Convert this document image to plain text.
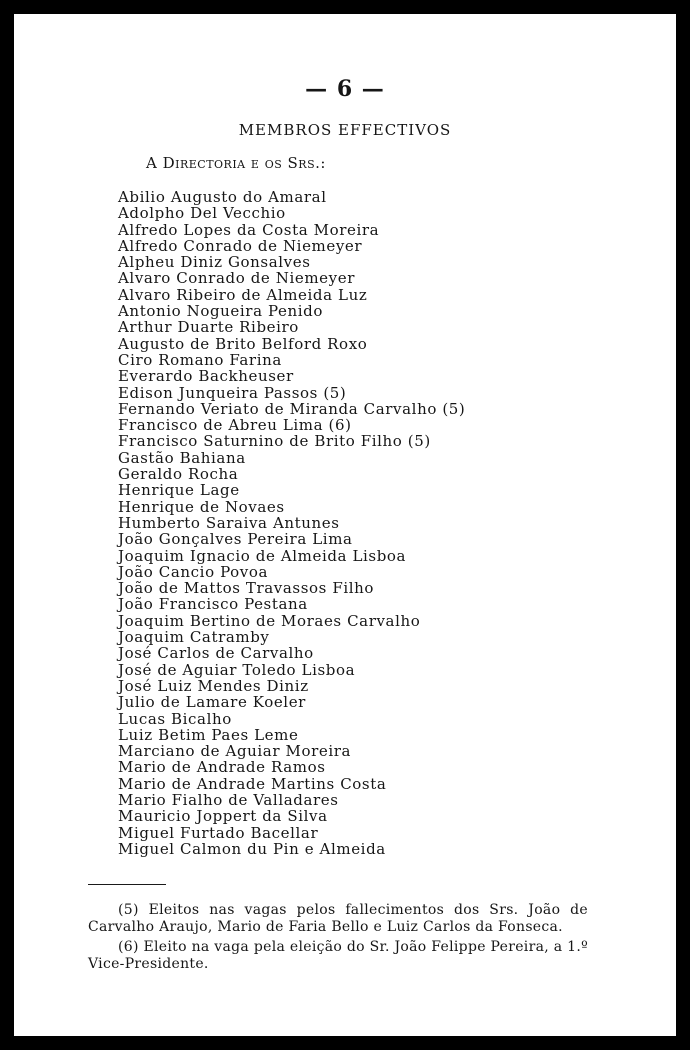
— 6 —
MEMBROS EFFECTIVOS
A Directoria e os Srs.:
Abilio Augusto do Amaral
Adolpho Del Vecchio
Alfredo Lopes da Costa Moreira
Alfredo Conrado de Niemeyer
Alpheu Diniz Gonsalves
Alvaro Conrado de Niemeyer
Alvaro Ribeiro de Almeida Luz
Antonio Nogueira Penido
Arthur Duarte Ribeiro
Augusto de Brito Belford Roxo
Ciro Romano Farina
Everardo Backheuser
Edison Junqueira Passos (5)
Fernando Veriato de Miranda Carvalho (5)
Francisco de Abreu Lima (6)
Francisco Saturnino de Brito Filho (5)
Gastão Bahiana
Geraldo Rocha
Henrique Lage
Henrique de Novaes
Humberto Saraiva Antunes
João Gonçalves Pereira Lima
Joaquim Ignacio de Almeida Lisboa
João Cancio Povoa
João de Mattos Travassos Filho
João Francisco Pestana
Joaquim Bertino de Moraes Carvalho
Joaquim Catramby
José Carlos de Carvalho
José de Aguiar Toledo Lisboa
José Luiz Mendes Diniz
Julio de Lamare Koeler
Lucas Bicalho
Luiz Betim Paes Leme
Marciano de Aguiar Moreira
Mario de Andrade Ramos
Mario de Andrade Martins Costa
Mario Fialho de Valladares
Mauricio Joppert da Silva
Miguel Furtado Bacellar
Miguel Calmon du Pin e Almeida

(5) Eleitos nas vagas pelos fallecimentos dos Srs. João de Carvalho Araujo, Mario de Faria Bello e Luiz Carlos da Fonseca.

(6) Eleito na vaga pela eleição do Sr. João Felippe Pereira, a 1.º Vice-Presidente.
